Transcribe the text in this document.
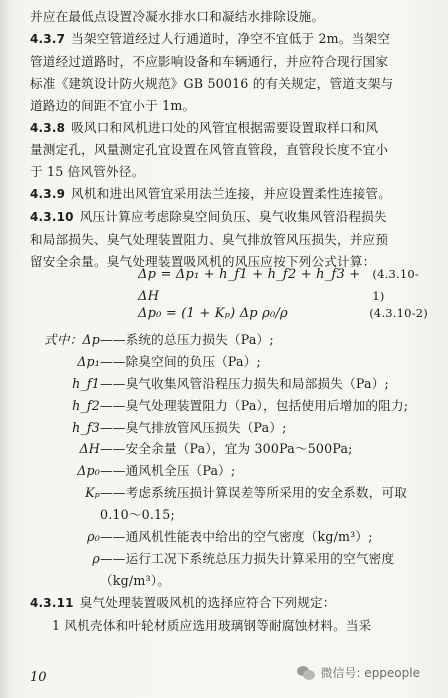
并应在最低点设置冷凝水排水口和凝结水排除设施。
4.3.7 当架空管道经过人行通道时，净空不宜低于 2m。当架空
管道经过道路时，不应影响设备和车辆通行，并应符合现行国家
标准《建筑设计防火规范》GB 50016 的有关规定，管道支架与
道路边的间距不宜小于 1m。
4.3.8 吸风口和风机进口处的风管宜根据需要设置取样口和风
量测定孔，风量测定孔宜设置在风管直管段，直管段长度不宜小
于 15 倍风管外径。
4.3.9 风机和进出风管宜采用法兰连接，并应设置柔性连接管。
4.3.10 风压计算应考虑除臭空间负压、臭气收集风管沿程损失
和局部损失、臭气处理装置阻力、臭气排放管风压损失，并应预
留安全余量。臭气处理装置吸风机的风压应按下列公式计算：
Δp = Δp₁ + h_f1 + h_f2 + h_f3 + ΔH
(4.3.10-1)
Δp₀ = (1 + Kₚ) Δp ρ₀/ρ	(4.3.10-2)
式中：Δp ——系统的总压力损失（Pa）;
Δp₁ ——除臭空间的负压（Pa）;
h_f1 ——臭气收集风管沿程压力损失和局部损失（Pa）;
h_f2 ——臭气处理装置阻力（Pa），包括使用后增加的阻力;
h_f3 ——臭气排放管风压损失（Pa）;
ΔH ——安全余量（Pa），宜为 300Pa～500Pa;
Δp₀ ——通风机全压（Pa）;
Kₚ ——考虑系统压损计算误差等所采用的安全系数，可取 0.10～0.15;
ρ₀ ——通风机性能表中给出的空气密度（kg/m³）;
ρ ——运行工况下系统总压力损失计算采用的空气密度（kg/m³）。
4.3.11 臭气处理装置吸风机的选择应符合下列规定：
1 风机壳体和叶轮材质应选用玻璃钢等耐腐蚀材料。当采
10	微信号: eppeople
